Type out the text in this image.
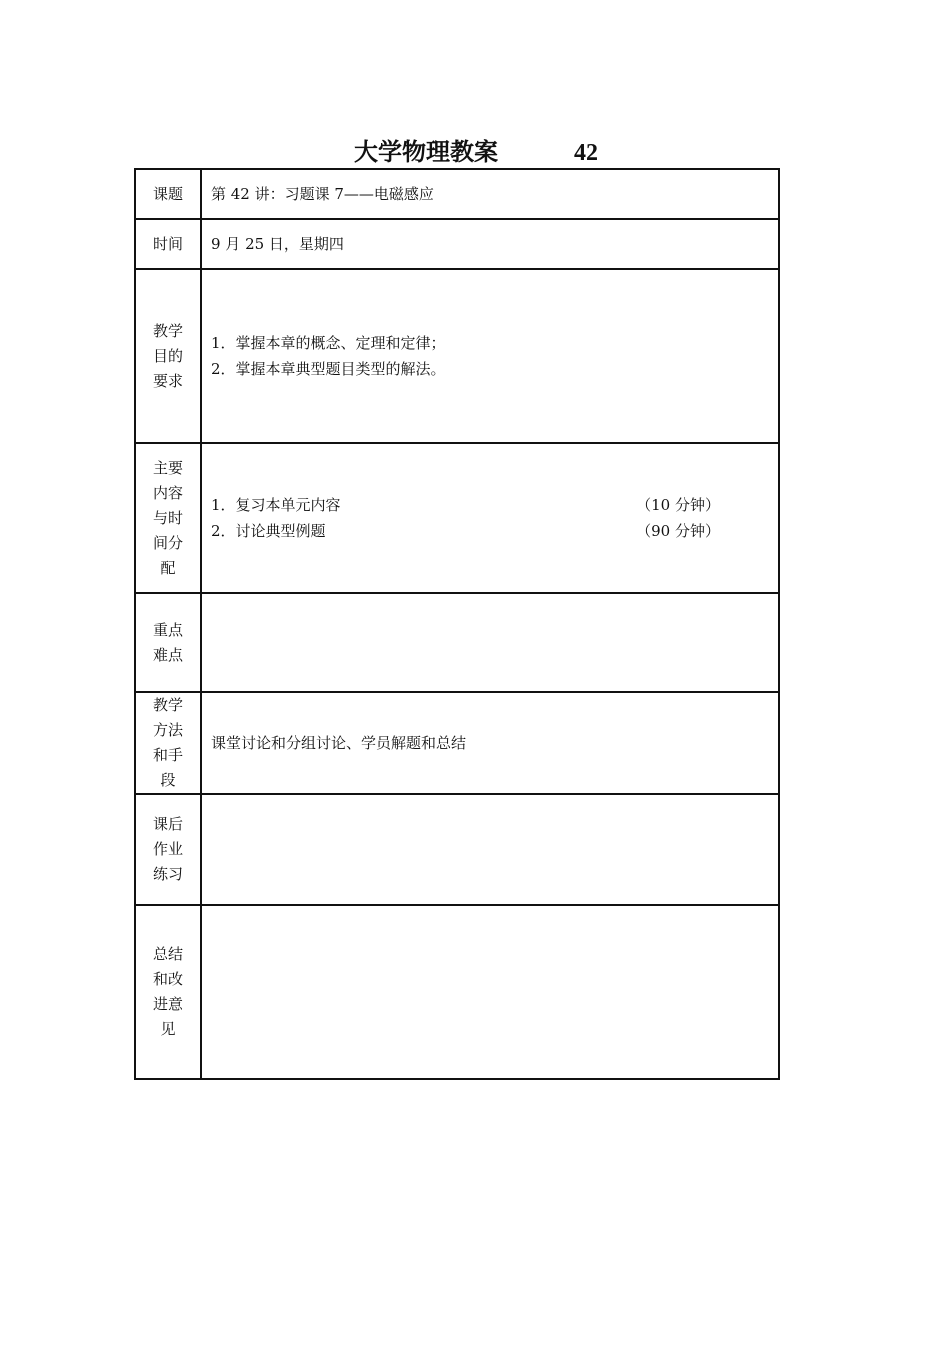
大学物理教案	42
课题	第 42 讲：习题课 7——电磁感应
时间	9 月 25 日，星期四
教学目的要求	1．掌握本章的概念、定理和定律；
2．掌握本章典型题目类型的解法。

主要内容与时间分配	1．复习本单元内容 （10 分钟）
2．讨论典型例题 （90 分钟）

重点难点	
教学方法和手段	课堂讨论和分组讨论、学员解题和总结
课后作业练习	
总结和改进意见	
